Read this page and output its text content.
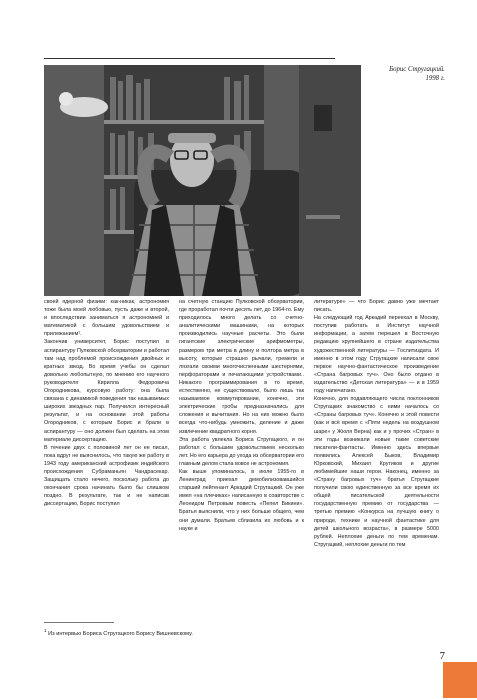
Борис Стругацкий.
1998 г.

своей ядерной физики: как-никак, астрономия тоже была моей любовью, пусть даже и второй, и впоследствии заниматься я астрономией и математикой с большим удовольствием и прилежанием¹.

Закончив университет, Борис поступил в аспирантуру Пулковской обсерватории и работал там над проблемой происхождения двойных и кратных звезд. Во время учебы он сделал довольно любопытную, по мнению его научного руководителя Кирилла Федоровича Огородникова, курсовую работу: она была связана с динамикой поведения так называемых широких звездных пар. Получился интересный результат, и на основании этой работы Огородников, с которым Борис и брали в аспирантуру — оно должен был сделать на этом материале диссертацию.

В течение двух с половиной лет он ее писал, пока вдруг не выяснилось, что такую же работу в 1943 году американский астрофизик индийского происхождения Субраманьян Чандрасекар. Защищать стало нечего, поскольку работа до окончания срока начинать было бы слишком поздно. В результате, так и не написав диссертацию, Борис поступил

на счетную станцию Пулковской обсерватории, где проработал почти десять лет, до 1964-го. Ему приходилось много делать со счетно-аналитическими машинами, на которых производились научные расчеты. Это были гигантские электрические арифмометры, размером три метра в длину и полтора метра в высоту, которые страшно рычали, гремели и лязгали своими многочисленными шестернями, перфораторами и печатающими устройствами.. Никакого программирования в то время, естественно, не существовало, было лишь так называемое коммутирование, конечно, эти электрические гробы предназначались для сложения и вычитания. Но на них можно было всегда что-нибудь умножить, деление и даже извлечение квадратного корня.

Эта работа увлекла Бориса Стругацкого, и он работал с большим удовольствием несколько лет. Но его карьера до ухода из обсерватории его главным делом стала вовсе не астрономия.

Как выше упоминалось, в июле 1955-го в Ленинград приехал демобилизовавшийся старший лейтенант Аркадий Стругацкий. Он уже имел «на плечиках» написанную в соавторстве с Леонидом Петровым повесть «Пепел Бикини». Братья выяснили, что у них больше общего, чем они думали. Братьев сблизила их любовь и к науке и

литературе» — что Борис давно уже мечтает писать.

На следующий год Аркадий переехал в Москву, поступив работать в Институт научной информации, а затем перешел в Восточную редакцию крупнейшего в стране издательства художественной литературы — Гослитиздата. И именно в этом году Стругацкие написали свое первое научно-фантастическое произведение «Страна багровых туч». Оно было отдано в издательство «Детская литература» — и в 1959 году напечатано.

Конечно, для подавляющего числа поклонников Стругацких знакомство с ними началось со «Страны багровых туч». Конечно и этой повести (как и всё время с «Пяти недель на воздушном шаре» у Жюля Верна) как и у прочих «Стран» в эти годы возникали новые такие советские писатели-фантасты. Именно здесь впервые появились Алексей Быков, Владимир Юрковский, Михаил Крутиков и другие любимейшие наши герои. Наконец, именно за «Страну багровых туч» братья Стругацкие получили свою единственную за все время их общей писательской деятельности государственную премию от государства — третью премию «Конкурса на лучшую книгу о природе, технике и научной фантастике для детей школьного возраста», в размере 5000 рублей. Неплохие деньги по тем временам. Стругацкий, неплохие деньги по тем

$^1$ Из интервью Бориса Стругацкого Борису Вишневскому.
7
